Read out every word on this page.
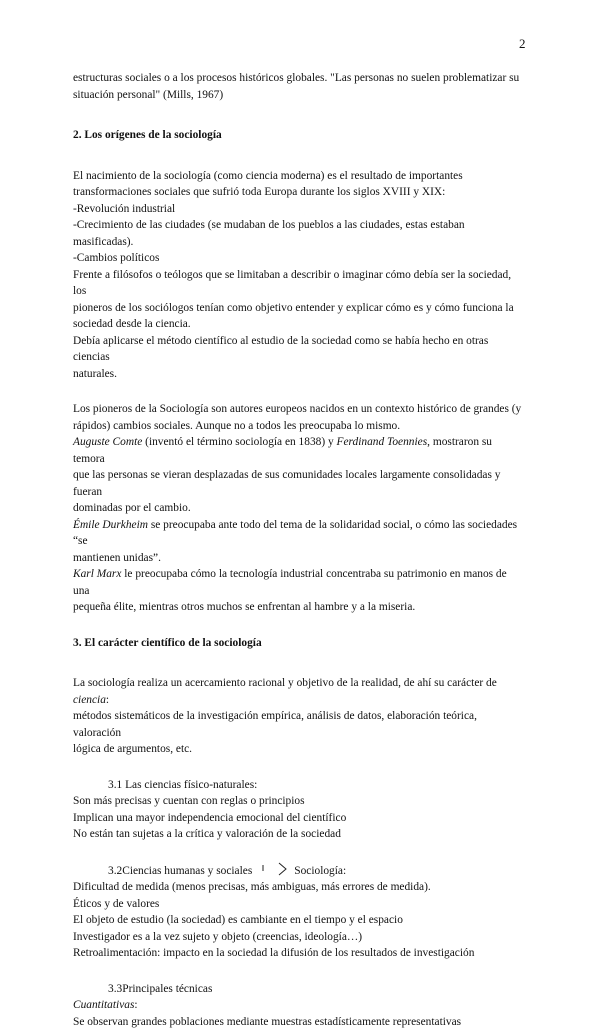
2

estructuras sociales o a los procesos históricos globales. "Las personas no suelen problematizar su

situación personal" (Mills, 1967)

2. Los orígenes de la sociología

El nacimiento de la sociología (como ciencia moderna) es el resultado de importantes

transformaciones sociales que sufrió toda Europa durante los siglos XVIII y XIX:

-Revolución industrial

-Crecimiento de las ciudades (se mudaban de los pueblos a las ciudades, estas estaban masificadas).

-Cambios políticos

Frente a filósofos o teólogos que se limitaban a describir o imaginar cómo debía ser la sociedad, los

pioneros de los sociólogos tenían como objetivo entender y explicar cómo es y cómo funciona la

sociedad desde la ciencia.

Debía aplicarse el método científico al estudio de la sociedad como se había hecho en otras ciencias

naturales.

Los pioneros de la Sociología son autores europeos nacidos en un contexto histórico de grandes (y

rápidos) cambios sociales. Aunque no a todos les preocupaba lo mismo.

Auguste Comte (inventó el término sociología en 1838) y Ferdinand Toennies, mostraron su temora

que las personas se vieran desplazadas de sus comunidades locales largamente consolidadas y fueran

dominadas por el cambio.

Émile Durkheim se preocupaba ante todo del tema de la solidaridad social, o cómo las sociedades “se

mantienen unidas”.

Karl Marx le preocupaba cómo la tecnología industrial concentraba su patrimonio en manos de una

pequeña élite, mientras otros muchos se enfrentan al hambre y a la miseria.

3. El carácter científico de la sociología

La sociología realiza un acercamiento racional y objetivo de la realidad, de ahí su carácter de ciencia:

métodos sistemáticos de la investigación empírica, análisis de datos, elaboración teórica, valoración

lógica de argumentos, etc.

3.1 Las ciencias físico-naturales:

Son más precisas y cuentan con reglas o principios

Implican una mayor independencia emocional del científico

No están tan sujetas a la crítica y valoración de la sociedad

3.2Ciencias humanas y sociales	Sociología:

Dificultad de medida (menos precisas, más ambiguas, más errores de medida).

Éticos y de valores

El objeto de estudio (la sociedad) es cambiante en el tiempo y el espacio

Investigador es a la vez sujeto y objeto (creencias, ideología…)

Retroalimentación: impacto en la sociedad la difusión de los resultados de investigación

3.3Principales técnicas

Cuantitativas:

Se observan grandes poblaciones mediante muestras estadísticamente representativas
